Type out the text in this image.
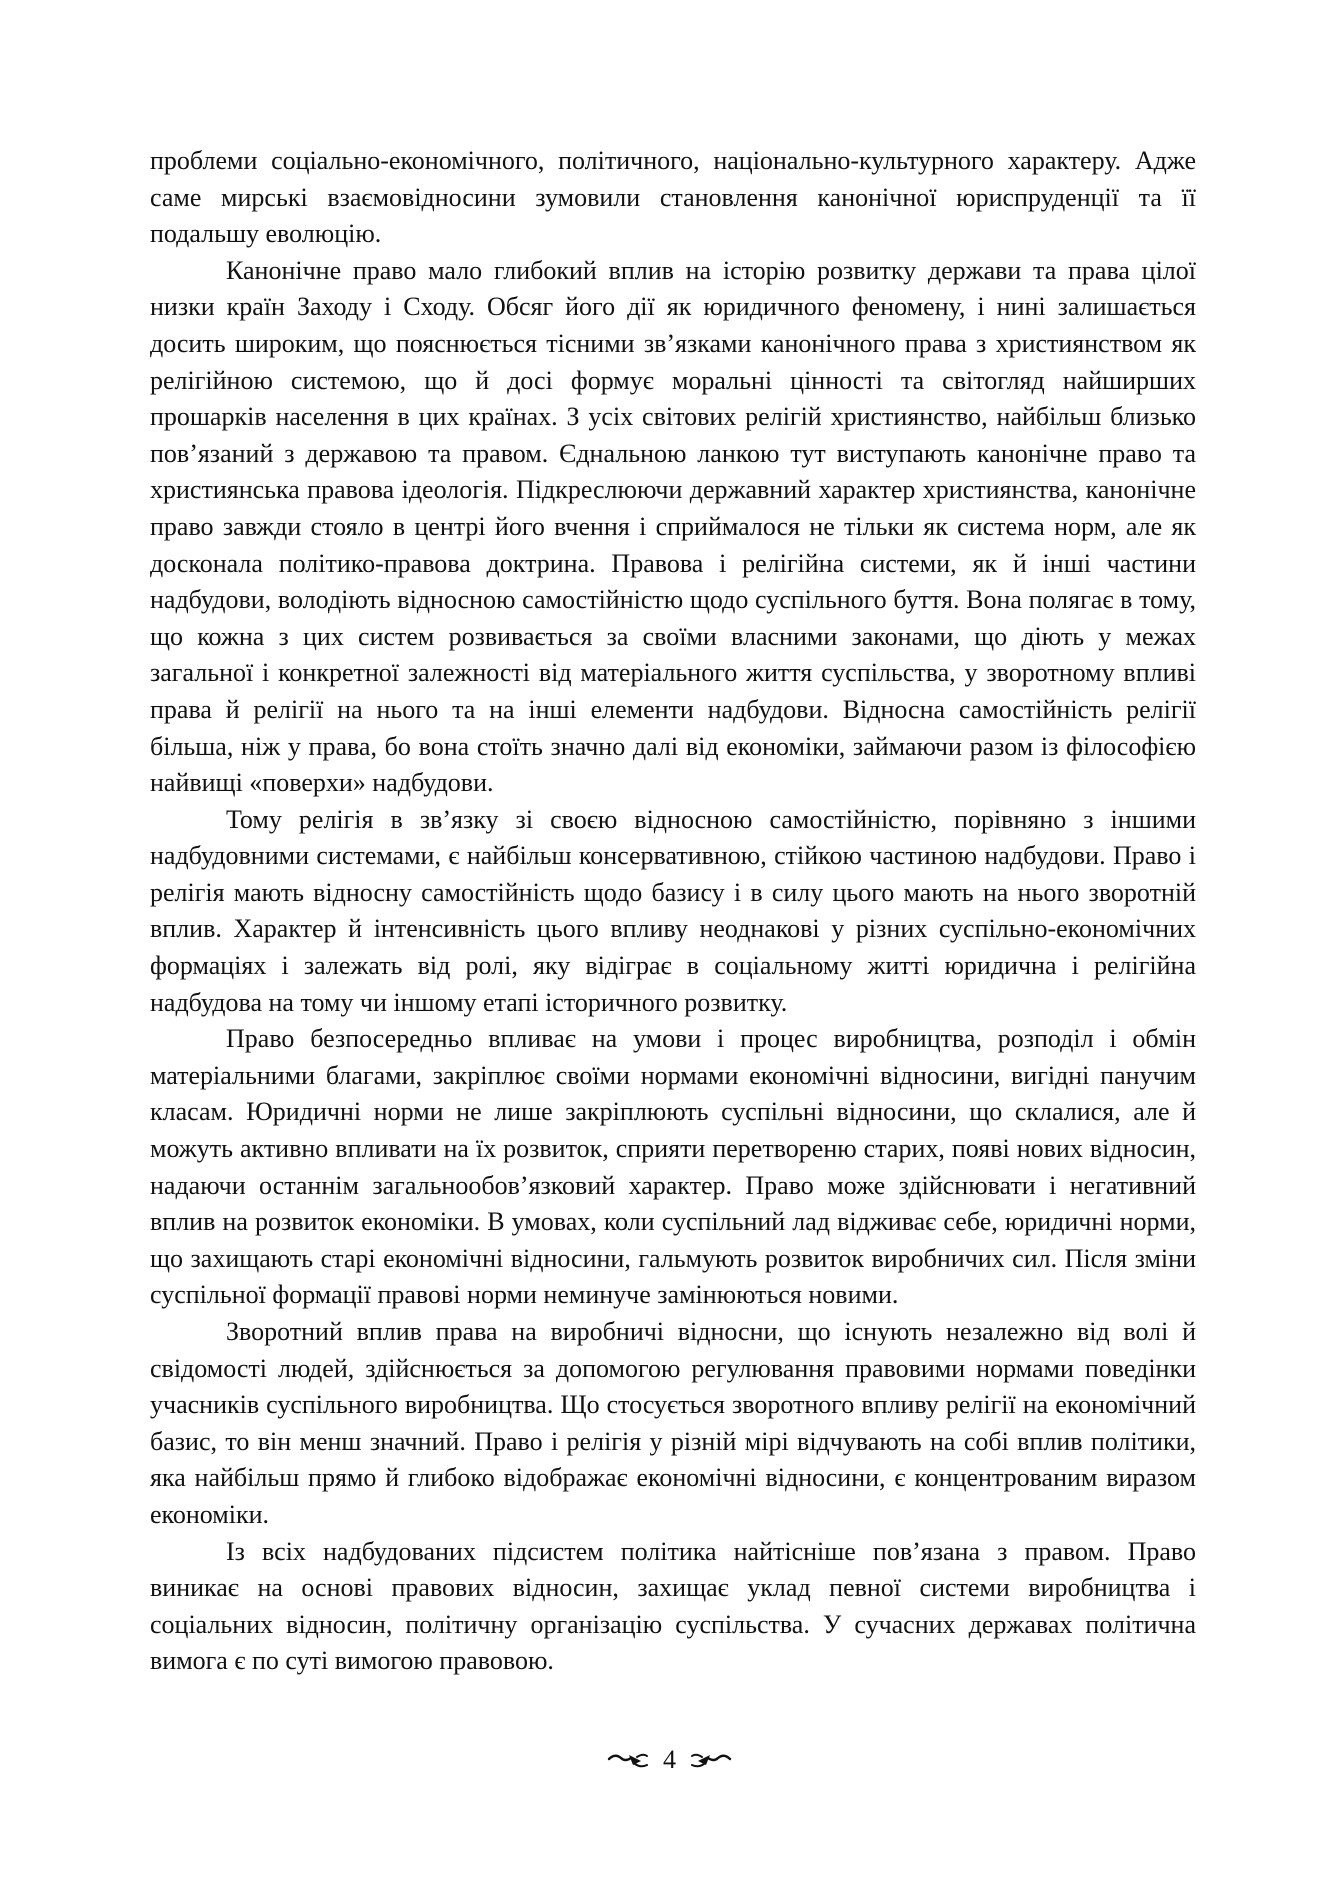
проблеми соціально-економічного, політичного, національно-культурного характеру. Адже саме мирські взаємовідносини зумовили становлення канонічної юриспруденції та її подальшу еволюцію.

Канонічне право мало глибокий вплив на історію розвитку держави та права цілої низки країн Заходу і Сходу. Обсяг його дії як юридичного феномену, і нині залишається досить широким, що пояснюється тісними зв’язками канонічного права з християнством як релігійною системою, що й досі формує моральні цінності та світогляд найширших прошарків населення в цих країнах. З усіх світових релігій християнство, найбільш близько пов’язаний з державою та правом. Єднальною ланкою тут виступають канонічне право та християнська правова ідеологія. Підкреслюючи державний характер християнства, канонічне право завжди стояло в центрі його вчення і сприймалося не тільки як система норм, але як досконала політико-правова доктрина. Правова і релігійна системи, як й інші частини надбудови, володіють відносною самостійністю щодо суспільного буття. Вона полягає в тому, що кожна з цих систем розвивається за своїми власними законами, що діють у межах загальної і конкретної залежності від матеріального життя суспільства, у зворотному впливі права й релігії на нього та на інші елементи надбудови. Відносна самостійність релігії більша, ніж у права, бо вона стоїть значно далі від економіки, займаючи разом із філософією найвищі «поверхи» надбудови.

Тому релігія в зв’язку зі своєю відносною самостійністю, порівняно з іншими надбудовними системами, є найбільш консервативною, стійкою частиною надбудови. Право і релігія мають відносну самостійність щодо базису і в силу цього мають на нього зворотній вплив. Характер й інтенсивність цього впливу неоднакові у різних суспільно-економічних формаціях і залежать від ролі, яку відіграє в соціальному житті юридична і релігійна надбудова на тому чи іншому етапі історичного розвитку.

Право безпосередньо впливає на умови і процес виробництва, розподіл і обмін матеріальними благами, закріплює своїми нормами економічні відносини, вигідні панучим класам. Юридичні норми не лише закріплюють суспільні відносини, що склалися, але й можуть активно впливати на їх розвиток, сприяти перетвореню старих, появі нових відносин, надаючи останнім загальнообов’язковий характер. Право може здійснювати і негативний вплив на розвиток економіки. В умовах, коли суспільний лад відживає себе, юридичні норми, що захищають старі економічні відносини, гальмують розвиток виробничих сил. Після зміни суспільної формації правові норми неминуче замінюються новими.

Зворотний вплив права на виробничі відносни, що існують незалежно від волі й свідомості людей, здійснюється за допомогою регулювання правовими нормами поведінки учасників суспільного виробництва. Що стосується зворотного впливу релігії на економічний базис, то він менш значний. Право і релігія у різній мірі відчувають на собі вплив політики, яка найбільш прямо й глибоко відображає економічні відносини, є концентрованим виразом економіки.

Із всіх надбудованих підсистем політика найтісніше пов’язана з правом. Право виникає на основі правових відносин, захищає уклад певної системи виробництва і соціальних відносин, політичну організацію суспільства. У сучасних державах політична вимога є по суті вимогою правовою.

4
